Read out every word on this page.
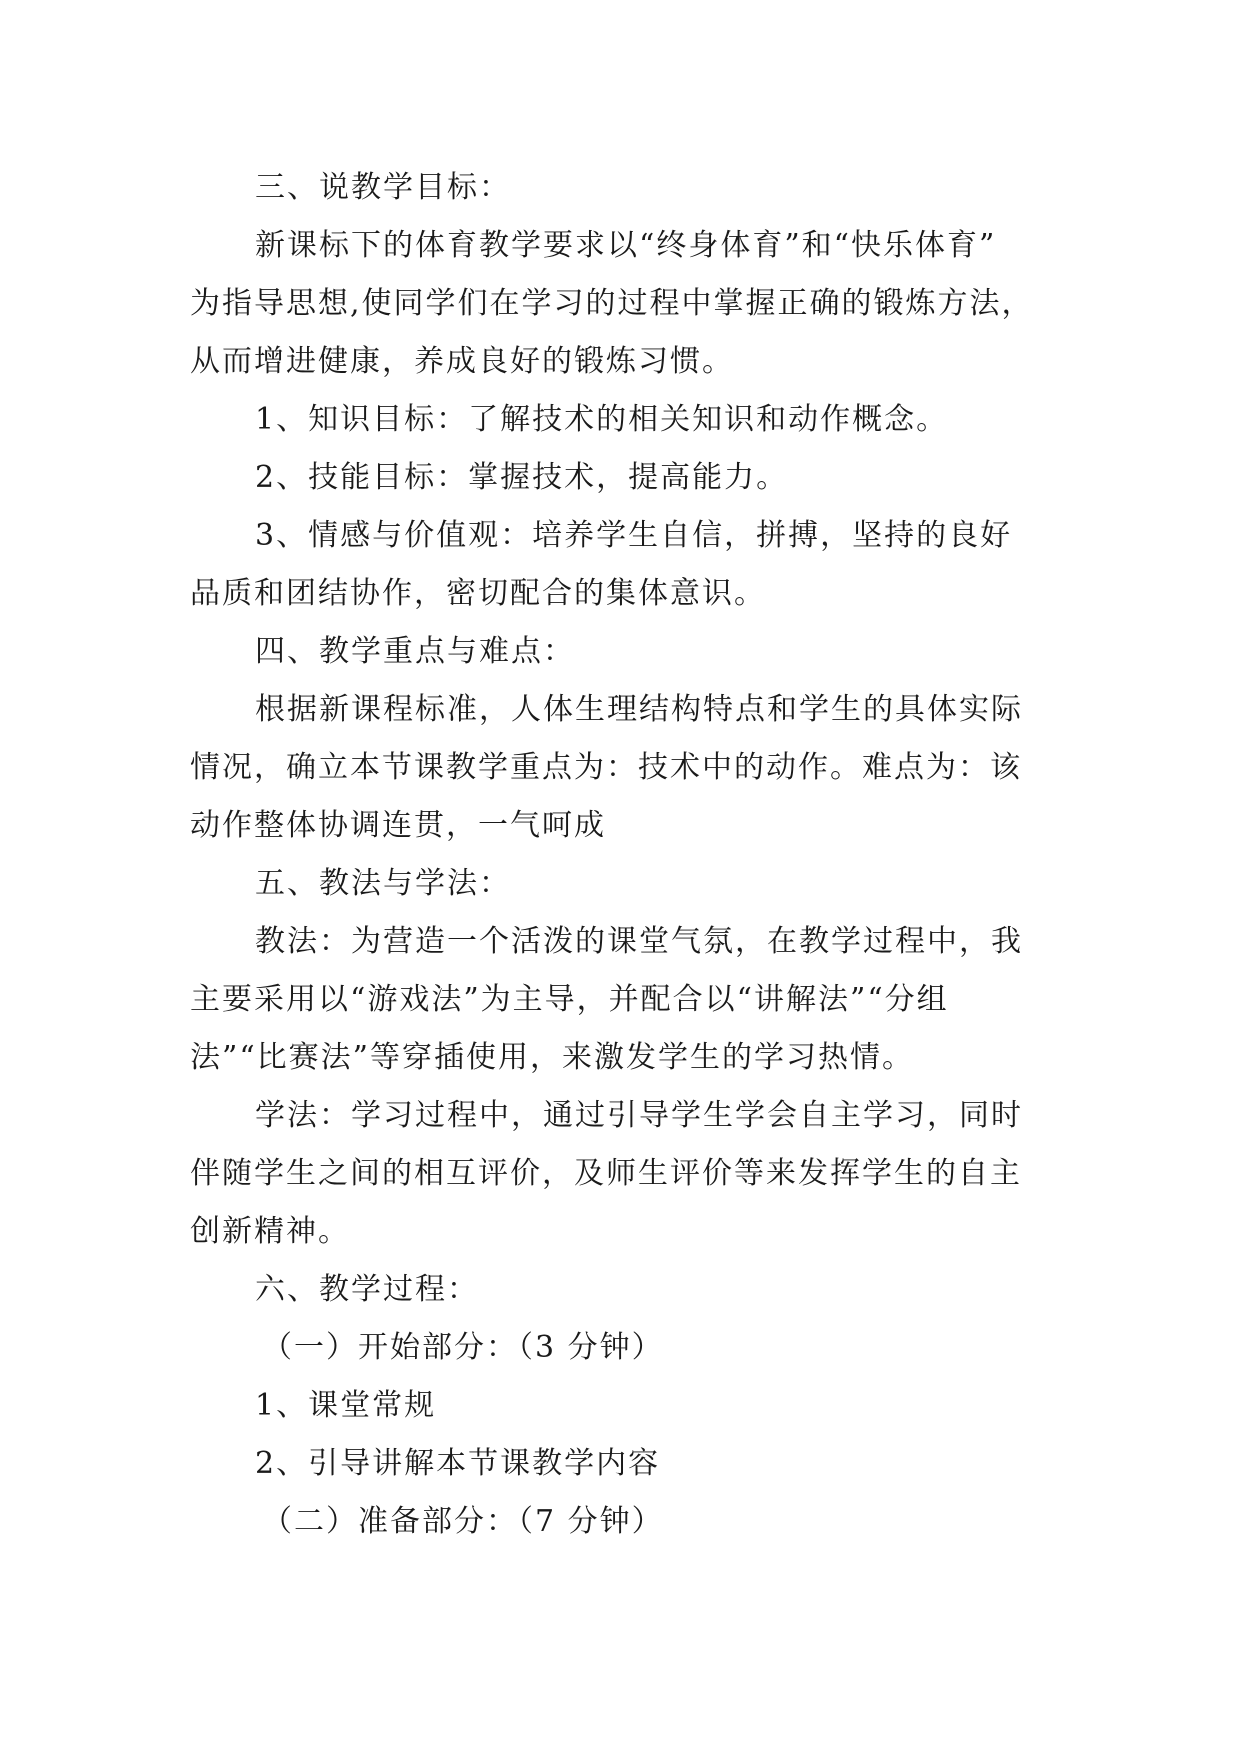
三、说教学目标：
新课标下的体育教学要求以“终身体育”和“快乐体育”
为指导思想,使同学们在学习的过程中掌握正确的锻炼方法，
从而增进健康，养成良好的锻炼习惯。
1、知识目标：了解技术的相关知识和动作概念。
2、技能目标：掌握技术，提高能力。
3、情感与价值观：培养学生自信，拼搏，坚持的良好
品质和团结协作，密切配合的集体意识。
四、教学重点与难点：
根据新课程标准，人体生理结构特点和学生的具体实际
情况，确立本节课教学重点为：技术中的动作。难点为：该
动作整体协调连贯，一气呵成
五、教法与学法：
教法：为营造一个活泼的课堂气氛，在教学过程中，我
主要采用以“游戏法”为主导，并配合以“讲解法”“分组
法”“比赛法”等穿插使用，来激发学生的学习热情。
学法：学习过程中，通过引导学生学会自主学习，同时
伴随学生之间的相互评价，及师生评价等来发挥学生的自主
创新精神。
六、教学过程：
（一）开始部分：（3 分钟）
1、课堂常规
2、引导讲解本节课教学内容
（二）准备部分：（7 分钟）
